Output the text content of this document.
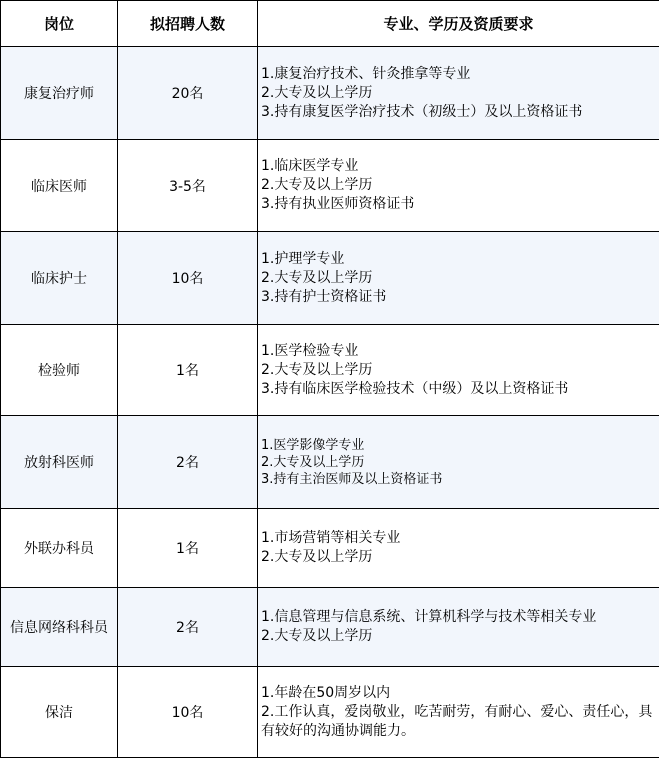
岗位	拟招聘人数	专业、学历及资质要求
康复治疗师	20名	1.康复治疗技术、针灸推拿等专业
2.大专及以上学历
3.持有康复医学治疗技术（初级士）及以上资格证书

临床医师	3-5名	1.临床医学专业
2.大专及以上学历
3.持有执业医师资格证书

临床护士	10名	1.护理学专业
2.大专及以上学历
3.持有护士资格证书

检验师	1名	1.医学检验专业
2.大专及以上学历
3.持有临床医学检验技术（中级）及以上资格证书

放射科医师	2名	1.医学影像学专业
2.大专及以上学历
3.持有主治医师及以上资格证书

外联办科员	1名	1.市场营销等相关专业
2.大专及以上学历

信息网络科科员	2名	1.信息管理与信息系统、计算机科学与技术等相关专业
2.大专及以上学历

保洁	10名	1.年龄在50周岁以内
2.工作认真，爱岗敬业，吃苦耐劳，有耐心、爱心、责任心，具有较好的沟通协调能力。
